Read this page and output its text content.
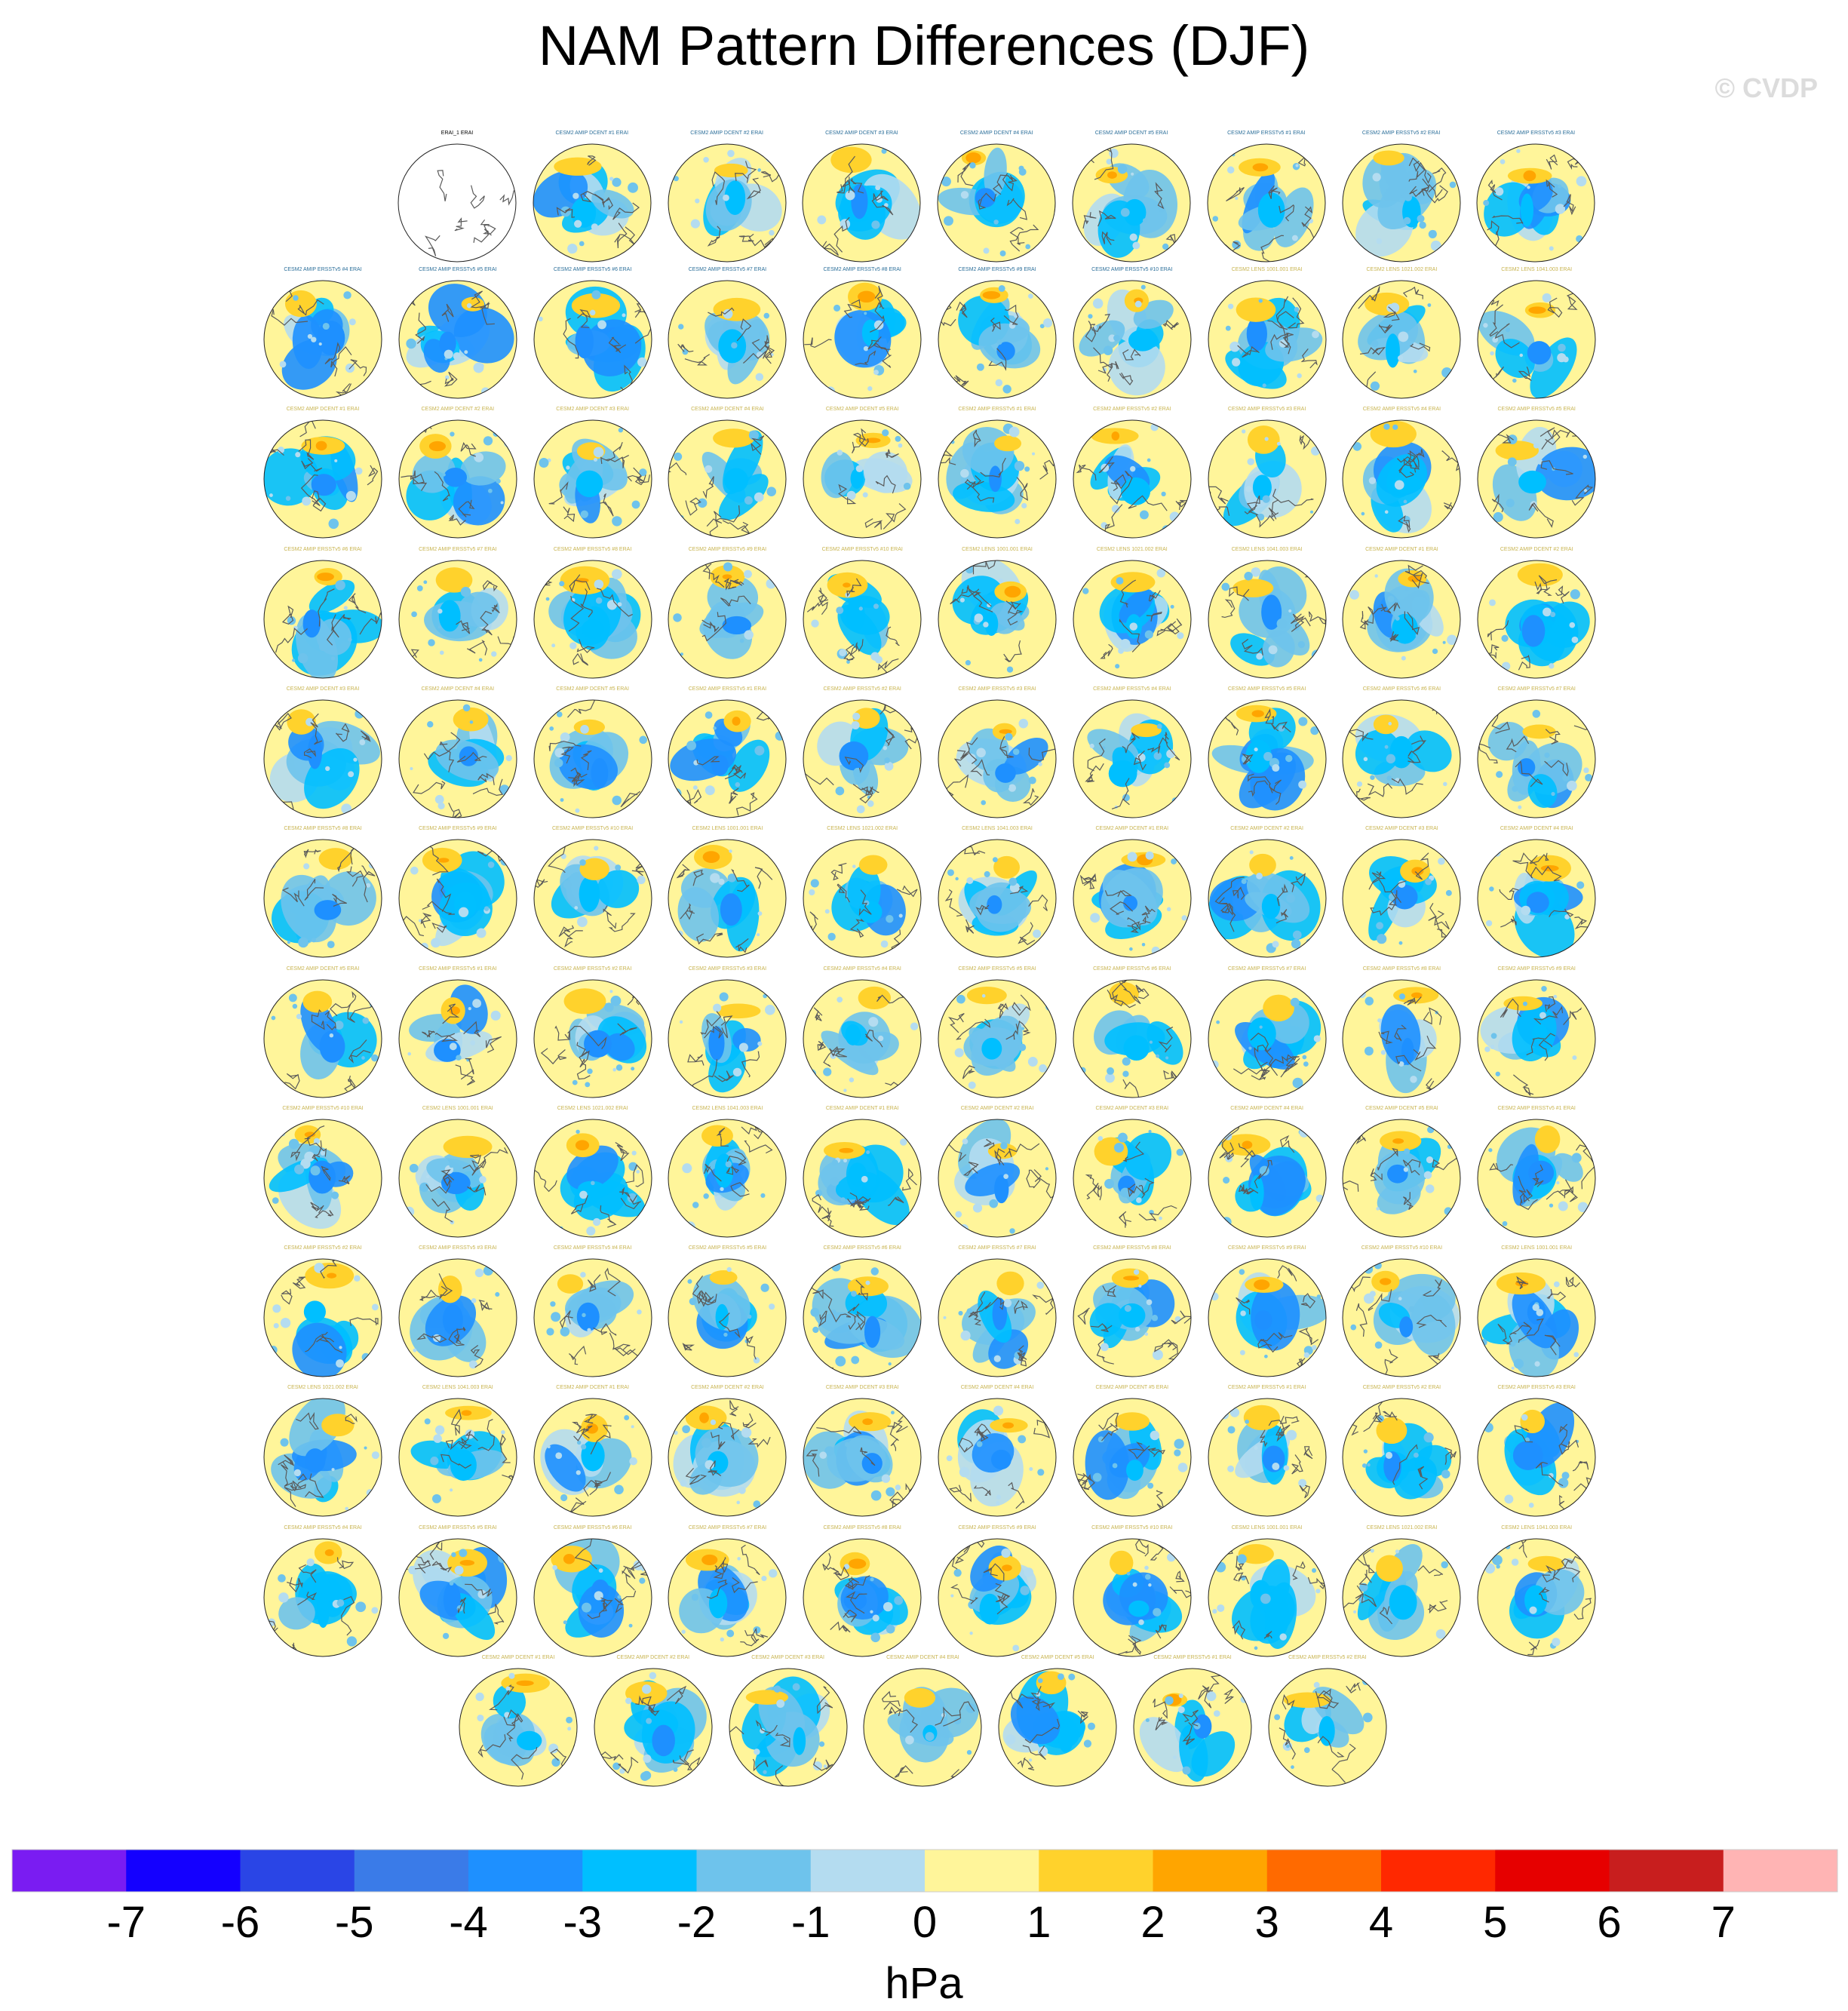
NAM Pattern Differences (DJF)
© CVDP
ERAI_1 ERAI	CESM2 AMIP DCENT #1 ERAI	CESM2 AMIP DCENT #2 ERAI	CESM2 AMIP DCENT #3 ERAI	CESM2 AMIP DCENT #4 ERAI	CESM2 AMIP DCENT #5 ERAI	CESM2 AMIP ERSSTv5 #1 ERAI	CESM2 AMIP ERSSTv5 #2 ERAI	CESM2 AMIP ERSSTv5 #3 ERAI
CESM2 AMIP ERSSTv5 #4 ERAI	CESM2 AMIP ERSSTv5 #5 ERAI	CESM2 AMIP ERSSTv5 #6 ERAI	CESM2 AMIP ERSSTv5 #7 ERAI	CESM2 AMIP ERSSTv5 #8 ERAI	CESM2 AMIP ERSSTv5 #9 ERAI	CESM2 AMIP ERSSTv5 #10 ERAI	CESM2 LENS 1001.001 ERAI	CESM2 LENS 1021.002 ERAI	CESM2 LENS 1041.003 ERAI
CESM2 AMIP DCENT #1 ERAI	CESM2 AMIP DCENT #2 ERAI	CESM2 AMIP DCENT #3 ERAI	CESM2 AMIP DCENT #4 ERAI	CESM2 AMIP DCENT #5 ERAI	CESM2 AMIP ERSSTv5 #1 ERAI	CESM2 AMIP ERSSTv5 #2 ERAI	CESM2 AMIP ERSSTv5 #3 ERAI	CESM2 AMIP ERSSTv5 #4 ERAI	CESM2 AMIP ERSSTv5 #5 ERAI
CESM2 AMIP ERSSTv5 #6 ERAI	CESM2 AMIP ERSSTv5 #7 ERAI	CESM2 AMIP ERSSTv5 #8 ERAI	CESM2 AMIP ERSSTv5 #9 ERAI	CESM2 AMIP ERSSTv5 #10 ERAI	CESM2 LENS 1001.001 ERAI	CESM2 LENS 1021.002 ERAI	CESM2 LENS 1041.003 ERAI	CESM2 AMIP DCENT #1 ERAI	CESM2 AMIP DCENT #2 ERAI
CESM2 AMIP DCENT #3 ERAI	CESM2 AMIP DCENT #4 ERAI	CESM2 AMIP DCENT #5 ERAI	CESM2 AMIP ERSSTv5 #1 ERAI	CESM2 AMIP ERSSTv5 #2 ERAI	CESM2 AMIP ERSSTv5 #3 ERAI	CESM2 AMIP ERSSTv5 #4 ERAI	CESM2 AMIP ERSSTv5 #5 ERAI	CESM2 AMIP ERSSTv5 #6 ERAI	CESM2 AMIP ERSSTv5 #7 ERAI
CESM2 AMIP ERSSTv5 #8 ERAI	CESM2 AMIP ERSSTv5 #9 ERAI	CESM2 AMIP ERSSTv5 #10 ERAI	CESM2 LENS 1001.001 ERAI	CESM2 LENS 1021.002 ERAI	CESM2 LENS 1041.003 ERAI	CESM2 AMIP DCENT #1 ERAI	CESM2 AMIP DCENT #2 ERAI	CESM2 AMIP DCENT #3 ERAI	CESM2 AMIP DCENT #4 ERAI
CESM2 AMIP DCENT #5 ERAI	CESM2 AMIP ERSSTv5 #1 ERAI	CESM2 AMIP ERSSTv5 #2 ERAI	CESM2 AMIP ERSSTv5 #3 ERAI	CESM2 AMIP ERSSTv5 #4 ERAI	CESM2 AMIP ERSSTv5 #5 ERAI	CESM2 AMIP ERSSTv5 #6 ERAI	CESM2 AMIP ERSSTv5 #7 ERAI	CESM2 AMIP ERSSTv5 #8 ERAI	CESM2 AMIP ERSSTv5 #9 ERAI
CESM2 AMIP ERSSTv5 #10 ERAI	CESM2 LENS 1001.001 ERAI	CESM2 LENS 1021.002 ERAI	CESM2 LENS 1041.003 ERAI	CESM2 AMIP DCENT #1 ERAI	CESM2 AMIP DCENT #2 ERAI	CESM2 AMIP DCENT #3 ERAI	CESM2 AMIP DCENT #4 ERAI	CESM2 AMIP DCENT #5 ERAI	CESM2 AMIP ERSSTv5 #1 ERAI
CESM2 AMIP ERSSTv5 #2 ERAI	CESM2 AMIP ERSSTv5 #3 ERAI	CESM2 AMIP ERSSTv5 #4 ERAI	CESM2 AMIP ERSSTv5 #5 ERAI	CESM2 AMIP ERSSTv5 #6 ERAI	CESM2 AMIP ERSSTv5 #7 ERAI	CESM2 AMIP ERSSTv5 #8 ERAI	CESM2 AMIP ERSSTv5 #9 ERAI	CESM2 AMIP ERSSTv5 #10 ERAI	CESM2 LENS 1001.001 ERAI
CESM2 LENS 1021.002 ERAI	CESM2 LENS 1041.003 ERAI	CESM2 AMIP DCENT #1 ERAI	CESM2 AMIP DCENT #2 ERAI	CESM2 AMIP DCENT #3 ERAI	CESM2 AMIP DCENT #4 ERAI	CESM2 AMIP DCENT #5 ERAI	CESM2 AMIP ERSSTv5 #1 ERAI	CESM2 AMIP ERSSTv5 #2 ERAI	CESM2 AMIP ERSSTv5 #3 ERAI
CESM2 AMIP ERSSTv5 #4 ERAI	CESM2 AMIP ERSSTv5 #5 ERAI	CESM2 AMIP ERSSTv5 #6 ERAI	CESM2 AMIP ERSSTv5 #7 ERAI	CESM2 AMIP ERSSTv5 #8 ERAI	CESM2 AMIP ERSSTv5 #9 ERAI	CESM2 AMIP ERSSTv5 #10 ERAI	CESM2 LENS 1001.001 ERAI	CESM2 LENS 1021.002 ERAI	CESM2 LENS 1041.003 ERAI
CESM2 AMIP DCENT #1 ERAI	CESM2 AMIP DCENT #2 ERAI	CESM2 AMIP DCENT #3 ERAI	CESM2 AMIP DCENT #4 ERAI	CESM2 AMIP DCENT #5 ERAI	CESM2 AMIP ERSSTv5 #1 ERAI	CESM2 AMIP ERSSTv5 #2 ERAI
-7 -6 -5 -4 -3 -2 -1 0 1 2 3 4 5 6 7
hPa
